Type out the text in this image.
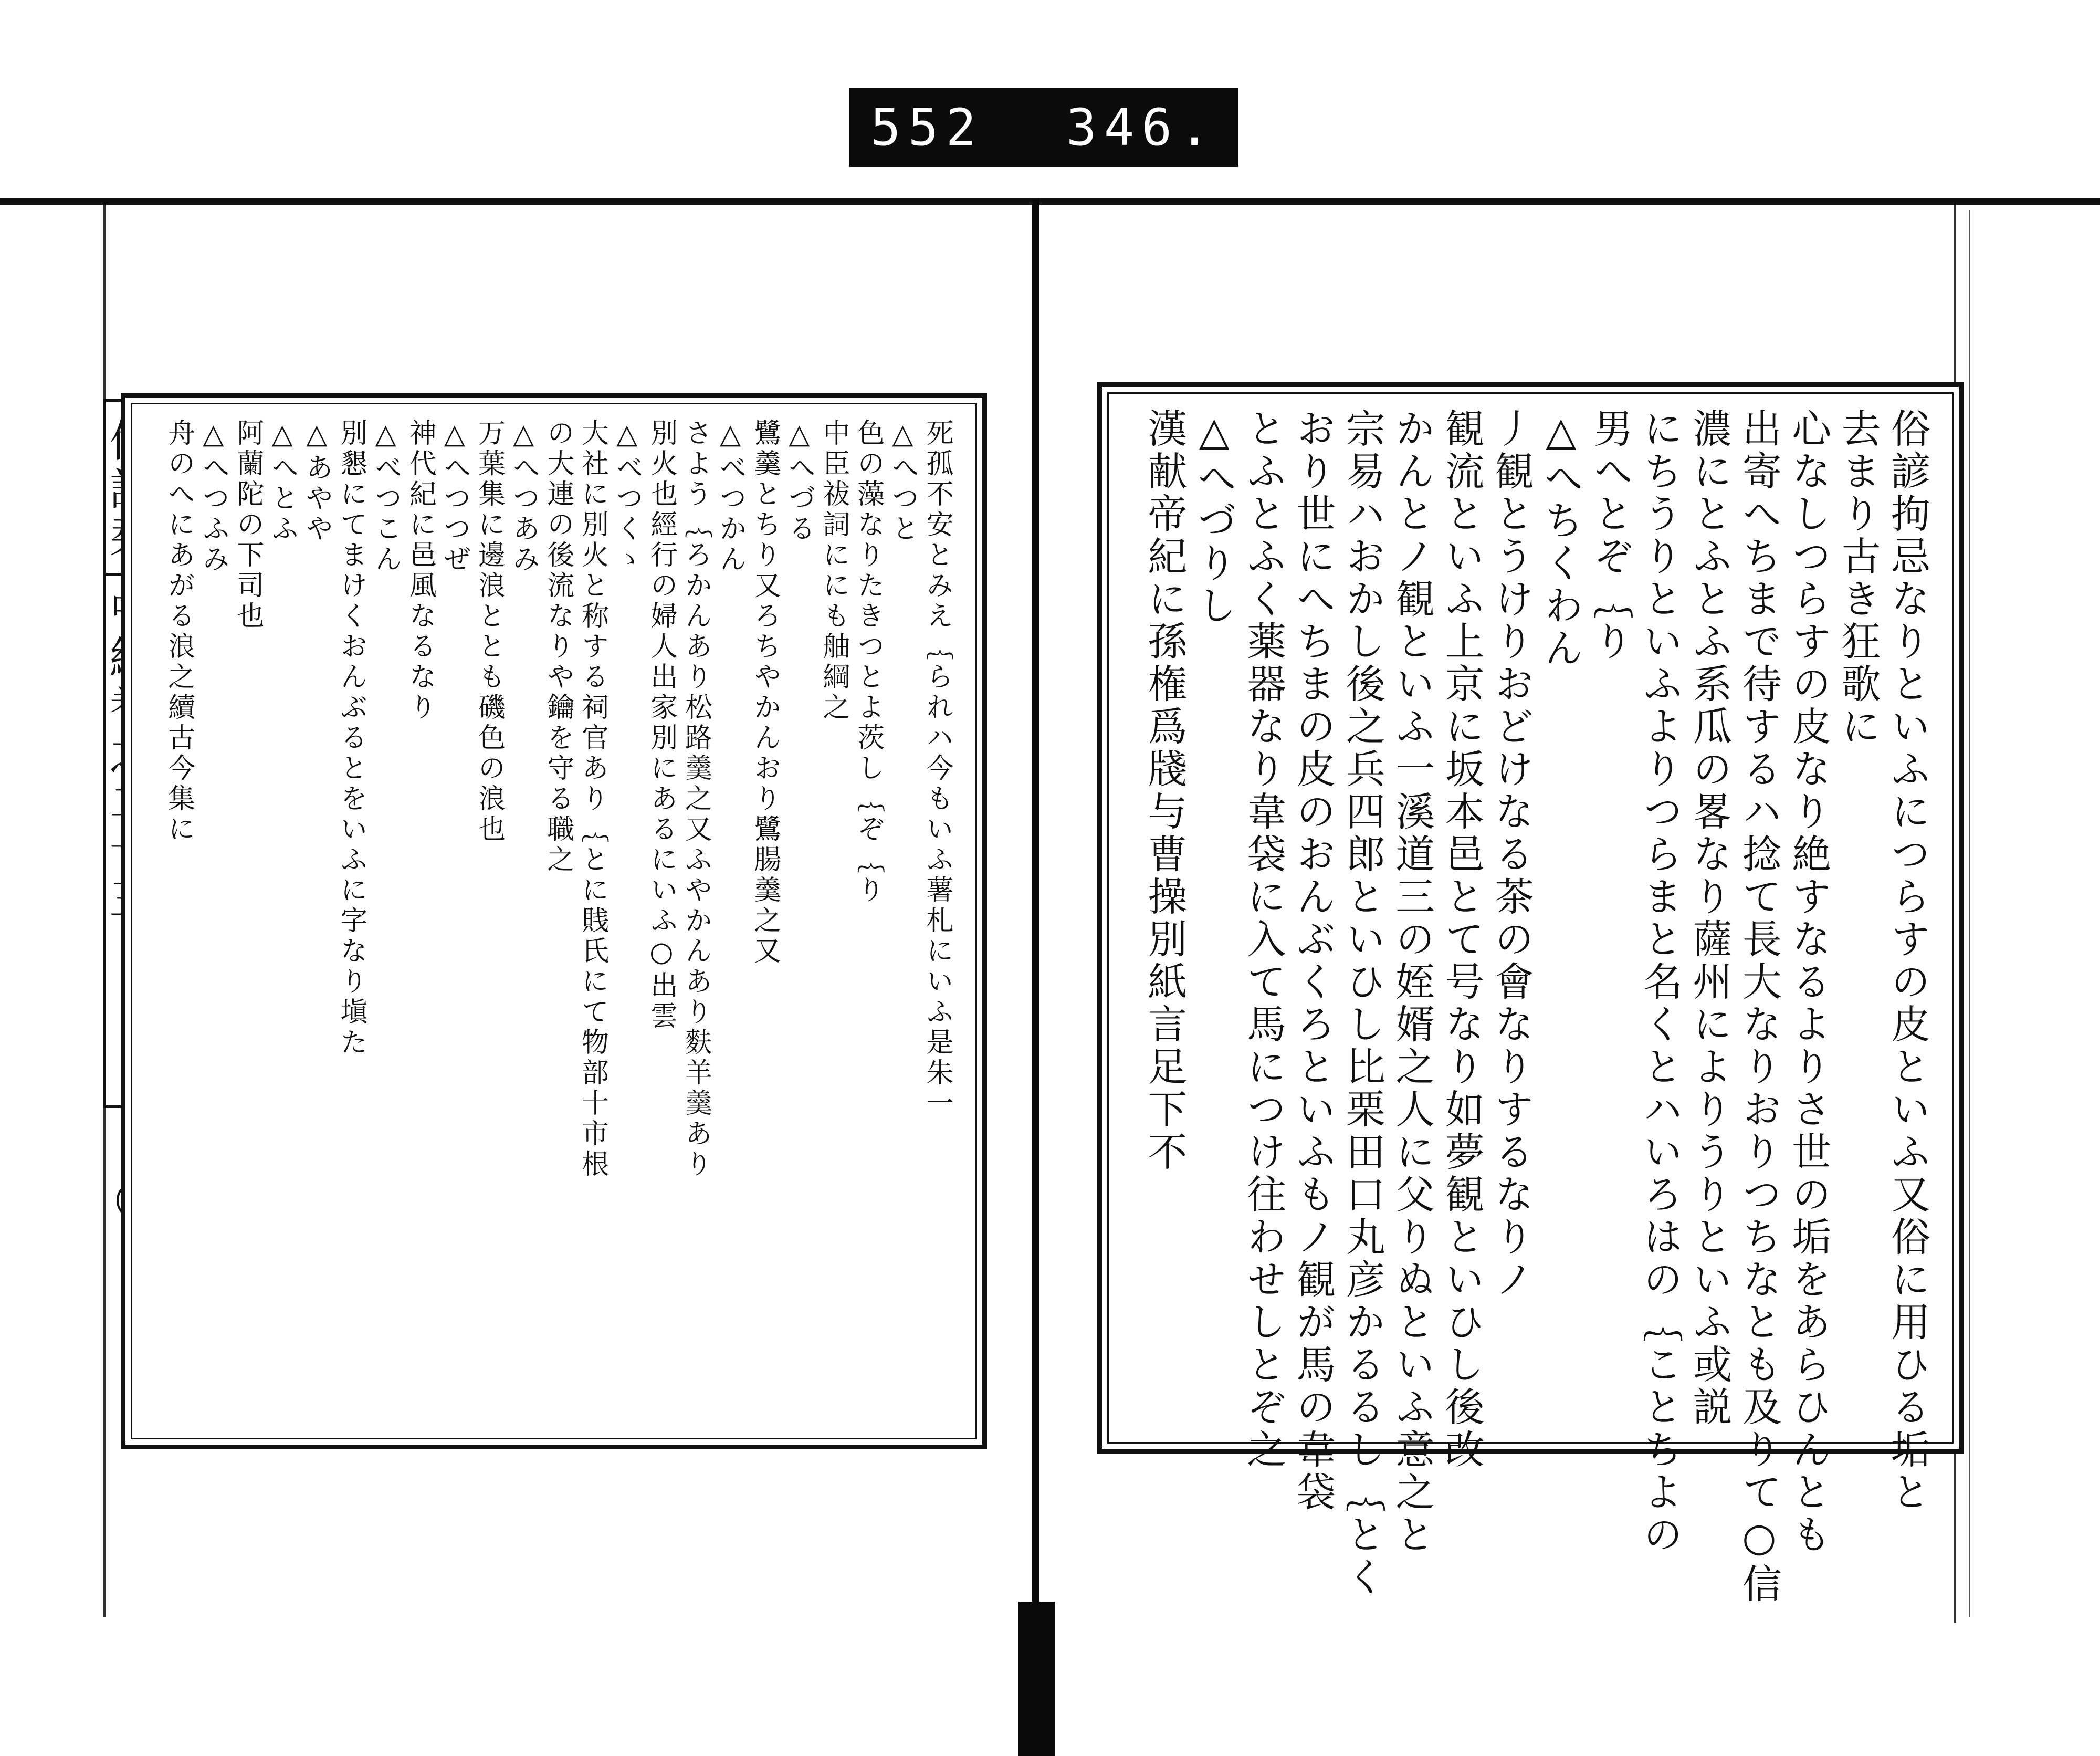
552 346.
死孤不安とみえ｛られハ今もいふ薯札にいふ是朱一
△へつと
色の藻なりたきつとよ茨し｛ぞ｛り
中臣祓詞ににも舳綱之
△へづる
鷺羹とちり又ろちやかんおり鷺腸羹之又
△べつかん
さよう｛ろかんあり松路羹之又ふやかんあり麩羊羹あり
別火也經行の婦人出家別にあるにいふ○出雲
△べつくゝ
大社に別火と称する祠官あり｛とに賎氏にて物部十市根
の大連の後流なりや鑰を守る職之
△へつあみ
万葉集に邊浪ととも磯色の浪也
△へつつぜ
神代紀に邑風なるなり
△べつこん
別懇にてまけくおんぶるとをいふに字なり塡た
△あやや
△へとふ
阿蘭陀の下司也
△へつふみ
舟のへにあがる浪之續古今集に	俗諺拘忌なりといふにつらすの皮といふ又俗に用ひる垢と
去まり古き狂歌に
心なしつらすの皮なり絶すなるよりさ世の垢をあらひんとも
出寄へちまで待するハ捻て長大なりおりつちなとも及りて○信
濃にとふとふ系瓜の畧なり薩州によりうりといふ或説
にちうりといふよりつらまと名くとハいろはの｛ことちよの
男へとぞ｛り
△へちくわん
丿観とうけりおどけなる茶の會なりするなりノ
観流といふ上京に坂本邑とて号なり如夢観といひし後改
かんとノ観といふ一溪道三の姪婿之人に父りぬといふ意之と
宗易ハおかし後之兵四郎といひし比栗田口丸彦かるるし｛とく
おり世にへちまの皮のおんぶくろといふもノ観が馬の韋袋
とふとふく薬器なり韋袋に入て馬につけ往わせしとぞ之
△へづりし
漢献帝紀に孫権爲牋与曹操別紙言足下不
